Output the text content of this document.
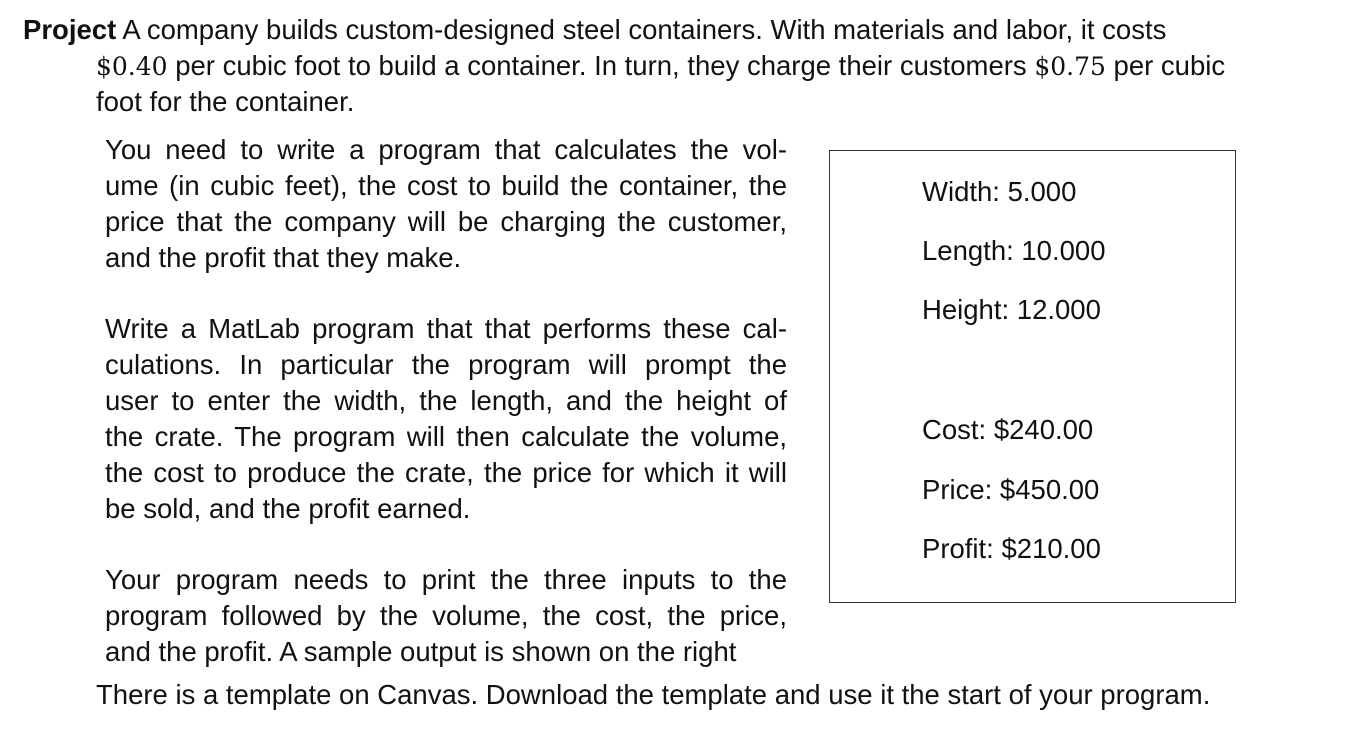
Project A company builds custom-designed steel containers. With materials and labor, it costs
$0.40 per cubic foot to build a container. In turn, they charge their customers $0.75 per cubic
foot for the container.
You need to write a program that calculates the vol-
ume (in cubic feet), the cost to build the container, the
price that the company will be charging the customer,
and the profit that they make.
Write a MatLab program that that performs these cal-
culations. In particular the program will prompt the
user to enter the width, the length, and the height of
the crate. The program will then calculate the volume,
the cost to produce the crate, the price for which it will
be sold, and the profit earned.
Your program needs to print the three inputs to the
program followed by the volume, the cost, the price,
and the profit. A sample output is shown on the right
There is a template on Canvas. Download the template and use it the start of your program.
Width: 5.000
Length: 10.000
Height: 12.000
Cost: $240.00
Price: $450.00
Profit: $210.00
